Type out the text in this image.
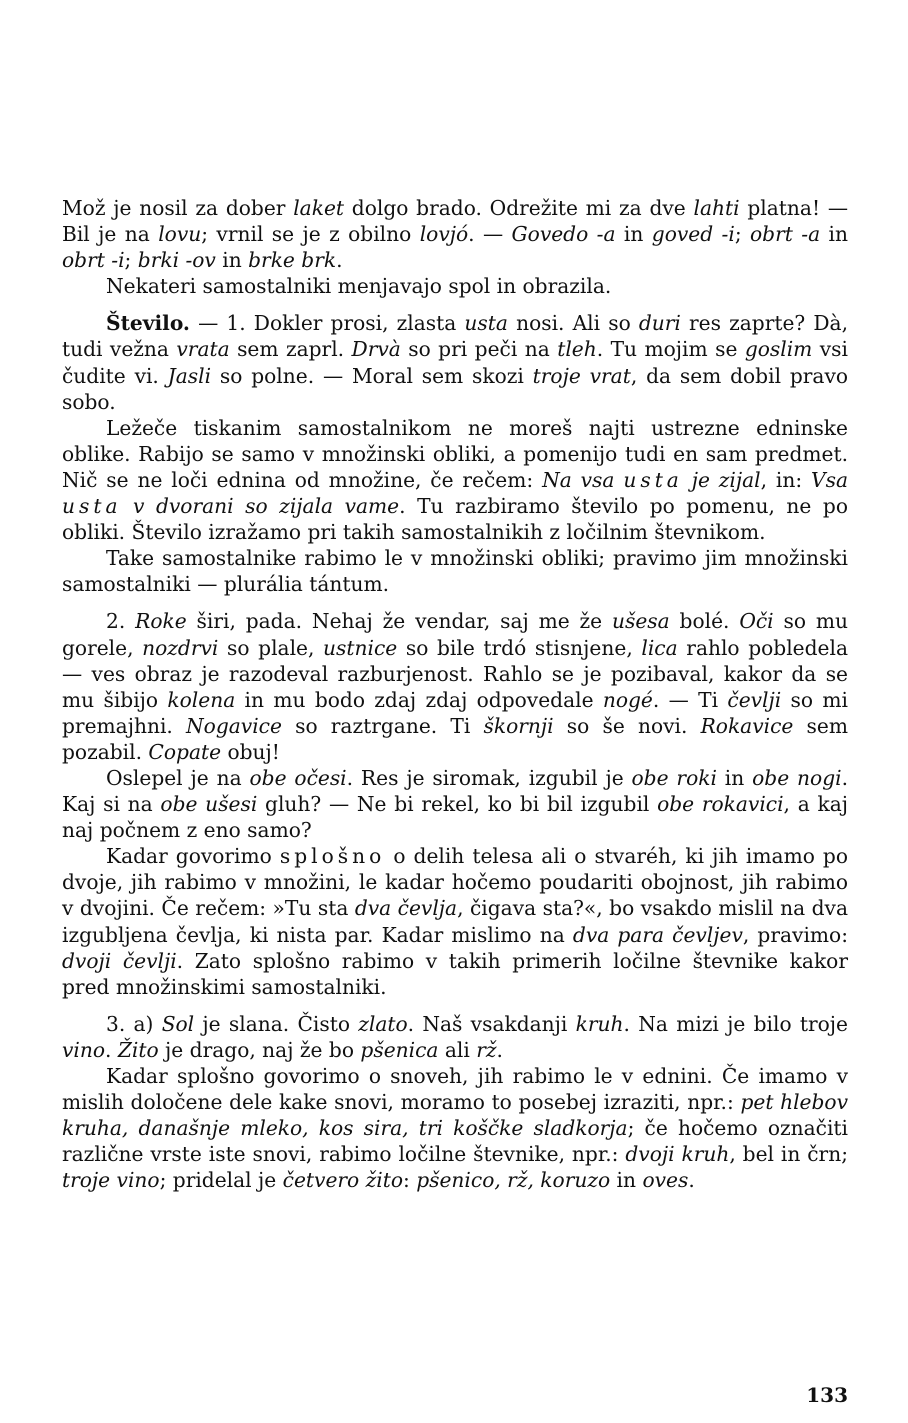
Mož je nosil za dober laket dolgo brado. Odrežite mi za dve lahti platna! — Bil je na lovu; vrnil se je z obilno lovjó. — Govedo -a in goved -i; obrt -a in obrt -i; brki -ov in brke brk.

Nekateri samostalniki menjavajo spol in obrazila.

Število. — 1. Dokler prosi, zlasta usta nosi. Ali so duri res zaprte? Dà, tudi vežna vrata sem zaprl. Drvà so pri peči na tleh. Tu mojim se goslim vsi čudite vi. Jasli so polne. — Moral sem skozi troje vrat, da sem dobil pravo sobo.

Ležeče tiskanim samostalnikom ne moreš najti ustrezne edninske oblike. Rabijo se samo v množinski obliki, a pomenijo tudi en sam predmet. Nič se ne loči ednina od množine, če rečem: Na vsa usta je zijal, in: Vsa usta v dvorani so zijala vame. Tu razbiramo število po pomenu, ne po obliki. Število izražamo pri takih samostalnikih z ločilnim števnikom.

Take samostalnike rabimo le v množinski obliki; pravimo jim množinski samostalniki — plurália tántum.

2. Roke širi, pada. Nehaj že vendar, saj me že ušesa bolé. Oči so mu gorele, nozdrvi so plale, ustnice so bile trdó stisnjene, lica rahlo pobledela — ves obraz je razodeval razburjenost. Rahlo se je pozibaval, kakor da se mu šibijo kolena in mu bodo zdaj zdaj odpovedale nogé. — Ti čevlji so mi premajhni. Nogavice so raztrgane. Ti škornji so še novi. Rokavice sem pozabil. Copate obuj!

Oslepel je na obe očesi. Res je siromak, izgubil je obe roki in obe nogi. Kaj si na obe ušesi gluh? — Ne bi rekel, ko bi bil izgubil obe rokavici, a kaj naj počnem z eno samo?

Kadar govorimo splošno o delih telesa ali o stvaréh, ki jih imamo po dvoje, jih rabimo v množini, le kadar hočemo poudariti obojnost, jih rabimo v dvojini. Če rečem: »Tu sta dva čevlja, čigava sta?«, bo vsakdo mislil na dva izgubljena čevlja, ki nista par. Kadar mislimo na dva para čevljev, pravimo: dvoji čevlji. Zato splošno rabimo v takih primerih ločilne števnike kakor pred množinskimi samostalniki.

3. a) Sol je slana. Čisto zlato. Naš vsakdanji kruh. Na mizi je bilo troje vino. Žito je drago, naj že bo pšenica ali rž.

Kadar splošno govorimo o snoveh, jih rabimo le v ednini. Če imamo v mislih določene dele kake snovi, moramo to posebej izraziti, npr.: pet hlebov kruha, današnje mleko, kos sira, tri koščke sladkorja; če hočemo označiti različne vrste iste snovi, rabimo ločilne števnike, npr.: dvoji kruh, bel in črn; troje vino; pridelal je četvero žito: pšenico, rž, koruzo in oves.

133
